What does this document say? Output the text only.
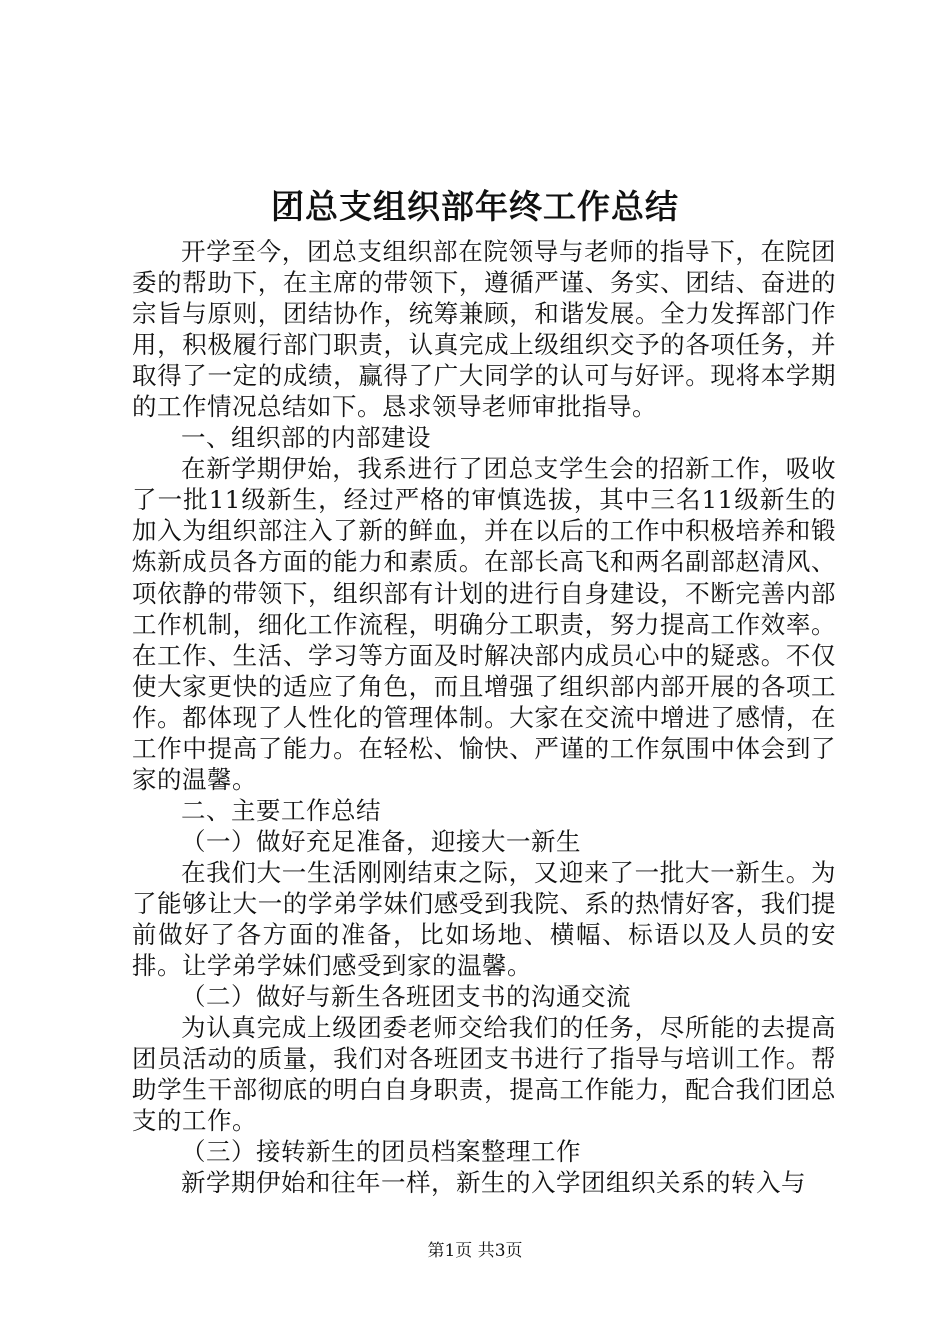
团总支组织部年终工作总结

开学至今，团总支组织部在院领导与老师的指导下，在院团委的帮助下，在主席的带领下，遵循严谨、务实、团结、奋进的宗旨与原则，团结协作，统筹兼顾，和谐发展。全力发挥部门作用，积极履行部门职责，认真完成上级组织交予的各项任务，并取得了一定的成绩，赢得了广大同学的认可与好评。现将本学期的工作情况总结如下。恳求领导老师审批指导。

一、组织部的内部建设

在新学期伊始，我系进行了团总支学生会的招新工作，吸收了一批11级新生，经过严格的审慎选拔，其中三名11级新生的加入为组织部注入了新的鲜血，并在以后的工作中积极培养和锻炼新成员各方面的能力和素质。在部长高飞和两名副部赵清风、项依静的带领下，组织部有计划的进行自身建设，不断完善内部工作机制，细化工作流程，明确分工职责，努力提高工作效率。在工作、生活、学习等方面及时解决部内成员心中的疑惑。不仅使大家更快的适应了角色，而且增强了组织部内部开展的各项工作。都体现了人性化的管理体制。大家在交流中增进了感情，在工作中提高了能力。在轻松、愉快、严谨的工作氛围中体会到了家的温馨。

二、主要工作总结

（一）做好充足准备，迎接大一新生

在我们大一生活刚刚结束之际，又迎来了一批大一新生。为了能够让大一的学弟学妹们感受到我院、系的热情好客，我们提前做好了各方面的准备，比如场地、横幅、标语以及人员的安排。让学弟学妹们感受到家的温馨。

（二）做好与新生各班团支书的沟通交流

为认真完成上级团委老师交给我们的任务，尽所能的去提高团员活动的质量，我们对各班团支书进行了指导与培训工作。帮助学生干部彻底的明白自身职责，提高工作能力，配合我们团总支的工作。

（三）接转新生的团员档案整理工作

新学期伊始和往年一样，新生的入学团组织关系的转入与

第1页 共3页
